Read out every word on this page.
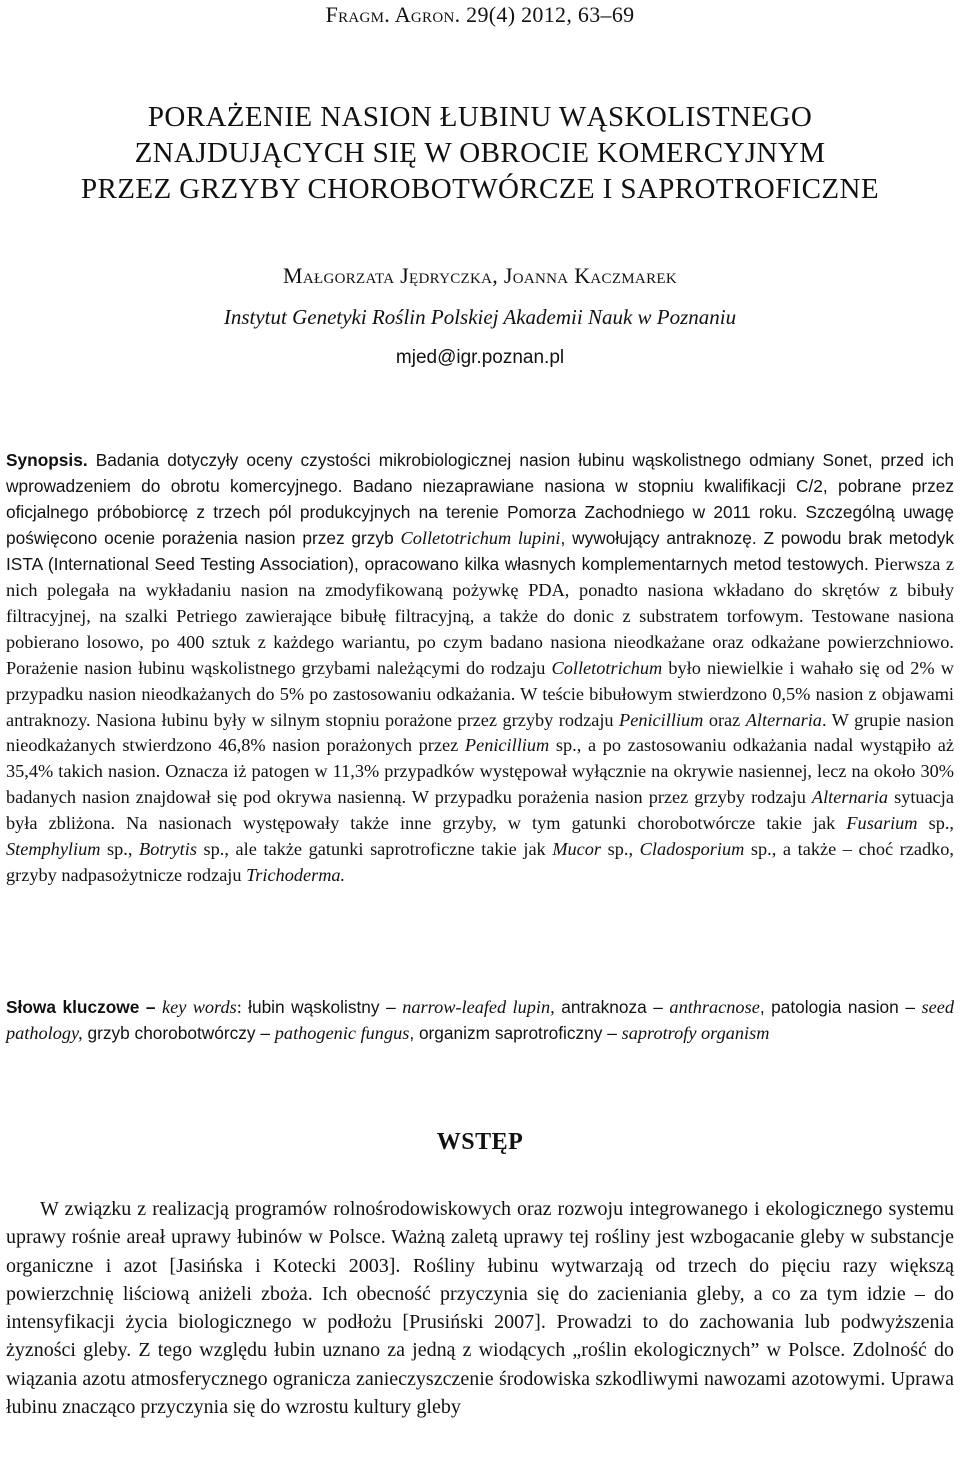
Fragm. Agron. 29(4) 2012, 63–69
PORAŻENIE NASION ŁUBINU WĄSKOLISTNEGO
ZNAJDUJĄCYCH SIĘ W OBROCIE KOMERCYJNYM
PRZEZ GRZYBY CHOROBOTWÓRCZE I SAPROTROFICZNE
Małgorzata Jędryczka, Joanna Kaczmarek
Instytut Genetyki Roślin Polskiej Akademii Nauk w Poznaniu
mjed@igr.poznan.pl
Synopsis. Badania dotyczyły oceny czystości mikrobiologicznej nasion łubinu wąskolistnego odmiany Sonet, przed ich wprowadzeniem do obrotu komercyjnego. Badano niezaprawiane nasiona w stopniu kwalifikacji C/2, pobrane przez oficjalnego próbobiorcę z trzech pól produkcyjnych na terenie Pomorza Zachodniego w 2011 roku. Szczególną uwagę poświęcono ocenie porażenia nasion przez grzyb Colletotrichum lupini, wywołujący antraknozę. Z powodu brak metodyk ISTA (International Seed Testing Association), opracowano kilka własnych komplementarnych metod testowych. Pierwsza z nich polegała na wykładaniu nasion na zmodyfikowaną pożywkę PDA, ponadto nasiona wkładano do skrętów z bibuły filtracyjnej, na szalki Petriego zawierające bibułę filtracyjną, a także do donic z substratem torfowym. Testowane nasiona pobierano losowo, po 400 sztuk z każdego wariantu, po czym badano nasiona nieodkażane oraz odkażane powierzchniowo. Porażenie nasion łubinu wąskolistnego grzybami należącymi do rodzaju Colletotrichum było niewielkie i wahało się od 2% w przypadku nasion nieodkażanych do 5% po zastosowaniu odkażania. W teście bibułowym stwierdzono 0,5% nasion z objawami antraknozy. Nasiona łubinu były w silnym stopniu porażone przez grzyby rodzaju Penicillium oraz Alternaria. W grupie nasion nieodkażanych stwierdzono 46,8% nasion porażonych przez Penicillium sp., a po zastosowaniu odkażania nadal wystąpiło aż 35,4% takich nasion. Oznacza iż patogen w 11,3% przypadków występował wyłącznie na okrywie nasiennej, lecz na około 30% badanych nasion znajdował się pod okrywa nasienną. W przypadku porażenia nasion przez grzyby rodzaju Alternaria sytuacja była zbliżona. Na nasionach występowały także inne grzyby, w tym gatunki chorobotwórcze takie jak Fusarium sp., Stemphylium sp., Botrytis sp., ale także gatunki saprotroficzne takie jak Mucor sp., Cladosporium sp., a także – choć rzadko, grzyby nadpasożytnicze rodzaju Trichoderma.
Słowa kluczowe – key words: łubin wąskolistny – narrow-leafed lupin, antraknoza – anthracnose, patologia nasion – seed pathology, grzyb chorobotwórczy – pathogenic fungus, organizm saprotroficzny – saprotrofy organism
WSTĘP

W związku z realizacją programów rolnośrodowiskowych oraz rozwoju integrowanego i ekologicznego systemu uprawy rośnie areał uprawy łubinów w Polsce. Ważną zaletą uprawy tej rośliny jest wzbogacanie gleby w substancje organiczne i azot [Jasińska i Kotecki 2003]. Rośliny łubinu wytwarzają od trzech do pięciu razy większą powierzchnię liściową aniżeli zboża. Ich obecność przyczynia się do zacieniania gleby, a co za tym idzie – do intensyfikacji życia biologicznego w podłożu [Prusiński 2007]. Prowadzi to do zachowania lub podwyższenia żyzności gleby. Z tego względu łubin uznano za jedną z wiodących „roślin ekologicznych” w Polsce. Zdolność do wiązania azotu atmosferycznego ogranicza zanieczyszczenie środowiska szkodliwymi nawozami azotowymi. Uprawa łubinu znacząco przyczynia się do wzrostu kultury gleby
